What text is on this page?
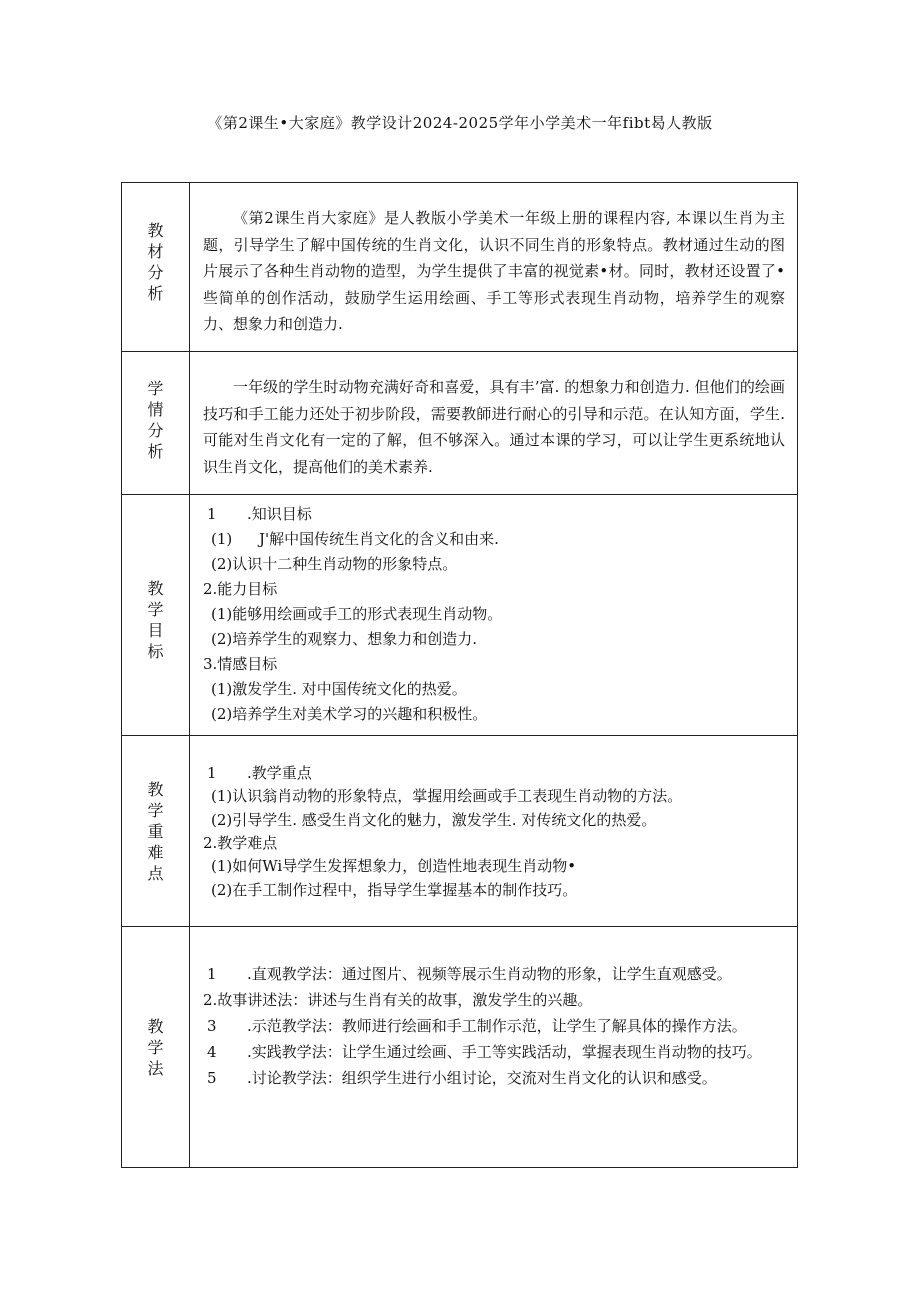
《第2课生•大家庭》教学设计2024-2025学年小学美术一年fibt曷人教版
教
材
分
析

《第2课生肖大家庭》是人教版小学美术一年级上册的课程内容, 本课以生肖为主题，引导学生了解中国传统的生肖文化，认识不同生肖的形象特点。教材通过生动的图片展示了各种生肖动物的造型，为学生提供了丰富的视觉素•材。同时，教材还设置了•些简单的创作活动，鼓励学生运用绘画、手工等形式表现生肖动物，培养学生的观察力、想象力和创造力.

学
情
分
析

一年级的学生时动物充满好奇和喜爱，具有丰’富. 的想象力和创造力. 但他们的绘画技巧和手工能力还处于初步阶段，需要教師进行耐心的引导和示范。在认知方面，学生. 可能对生肖文化有一定的了解，但不够深入。通过本课的学习，可以让学生更系统地认识生肖文化，提高他们的美术素养.

教
学
目
标
1 .知识目标
(1) J'解中国传统生肖文化的含义和由来.
(2)认识十二种生肖动物的形象特点。
2.能力目标
(1)能够用绘画或手工的形式表现生肖动物。
(2)培养学生的观察力、想象力和创造力.
3.情感目标
(1)激发学生. 对中国传统文化的热爱。
(2)培养学生对美术学习的兴趣和积极性。
教
学
重
难
点
1 .教学重点
(1)认识翁肖动物的形象特点，掌握用绘画或手工表现生肖动物的方法。
(2)引导学生. 感受生肖文化的魅力，激发学生. 对传统文化的热爱。
2.教学难点
(1)如何Wi导学生发挥想象力，创造性地表现生肖动物•
(2)在手工制作过程中，指导学生掌握基本的制作技巧。
教
学
法
1 .直观教学法：通过图片、视频等展示生肖动物的形象，让学生直观感受。
2.故事讲述法：讲述与生肖有关的故事，激发学生的兴趣。
3 .示范教学法：教师进行绘画和手工制作示范，让学生了解具体的操作方法。
4 .实践教学法：让学生通过绘画、手工等实践活动，掌握表现生肖动物的技巧。
5 .讨论教学法：组织学生进行小组讨论，交流对生肖文化的认识和感受。
